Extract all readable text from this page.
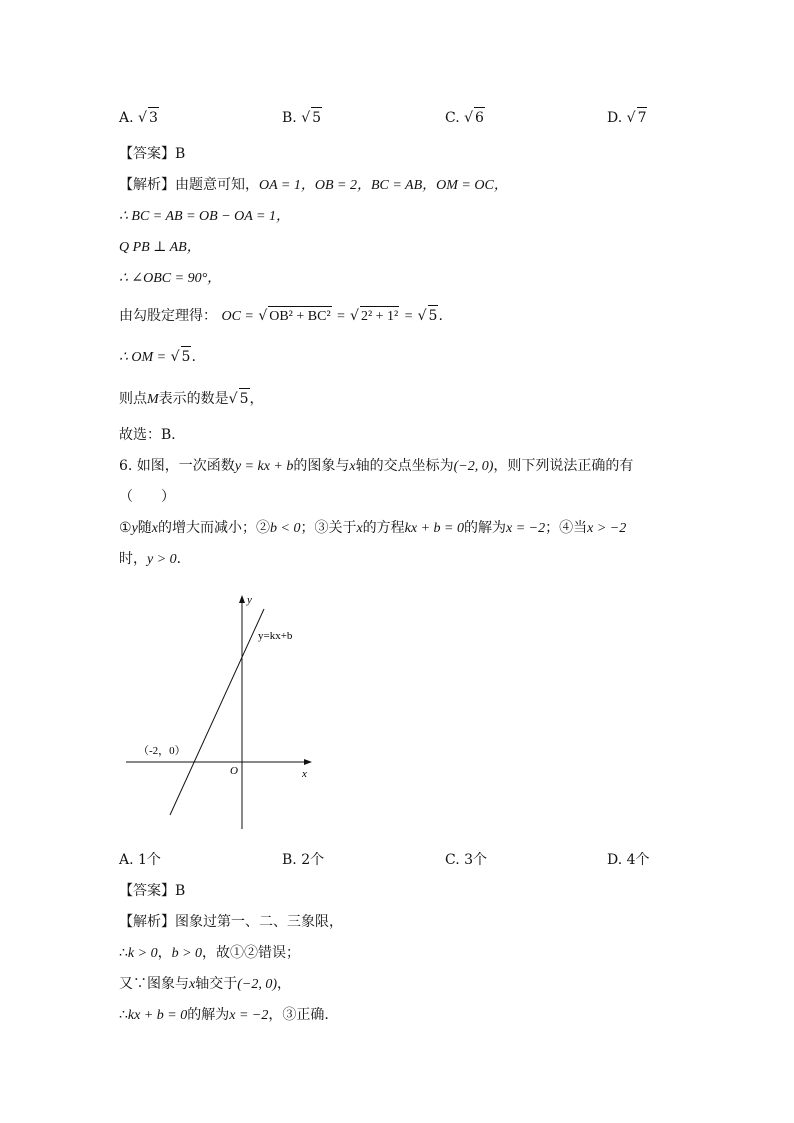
A. √ 3	B. √ 5	C. √ 6	D. √ 7
【答案】B
【解析】由题意可知，OA = 1，OB = 2，BC = AB，OM = OC，
∴ BC = AB = OB − OA = 1，
Q PB ⊥ AB，
∴ ∠OBC = 90°，
由勾股定理得： OC = √ OB² + BC² = √ 2² + 1² = √ 5.
∴ OM = √ 5.
则点M表示的数是√ 5，
故选：B．
6. 如图，一次函数y = kx + b的图象与x轴的交点坐标为(−2, 0)，则下列说法正确的有
（　　）
①y随x的增大而减小；②b < 0；③关于x的方程kx + b = 0的解为x = −2；④当x > −2
时，y > 0．
y=kx+b
（-2，0）
O	x
y
A. 1个	B. 2个	C. 3个	D. 4个
【答案】B
【解析】图象过第一、二、三象限，
∴k > 0，b > 0，故①②错误；
又∵图象与x轴交于(−2, 0)，
∴kx + b = 0的解为x = −2，③正确.
